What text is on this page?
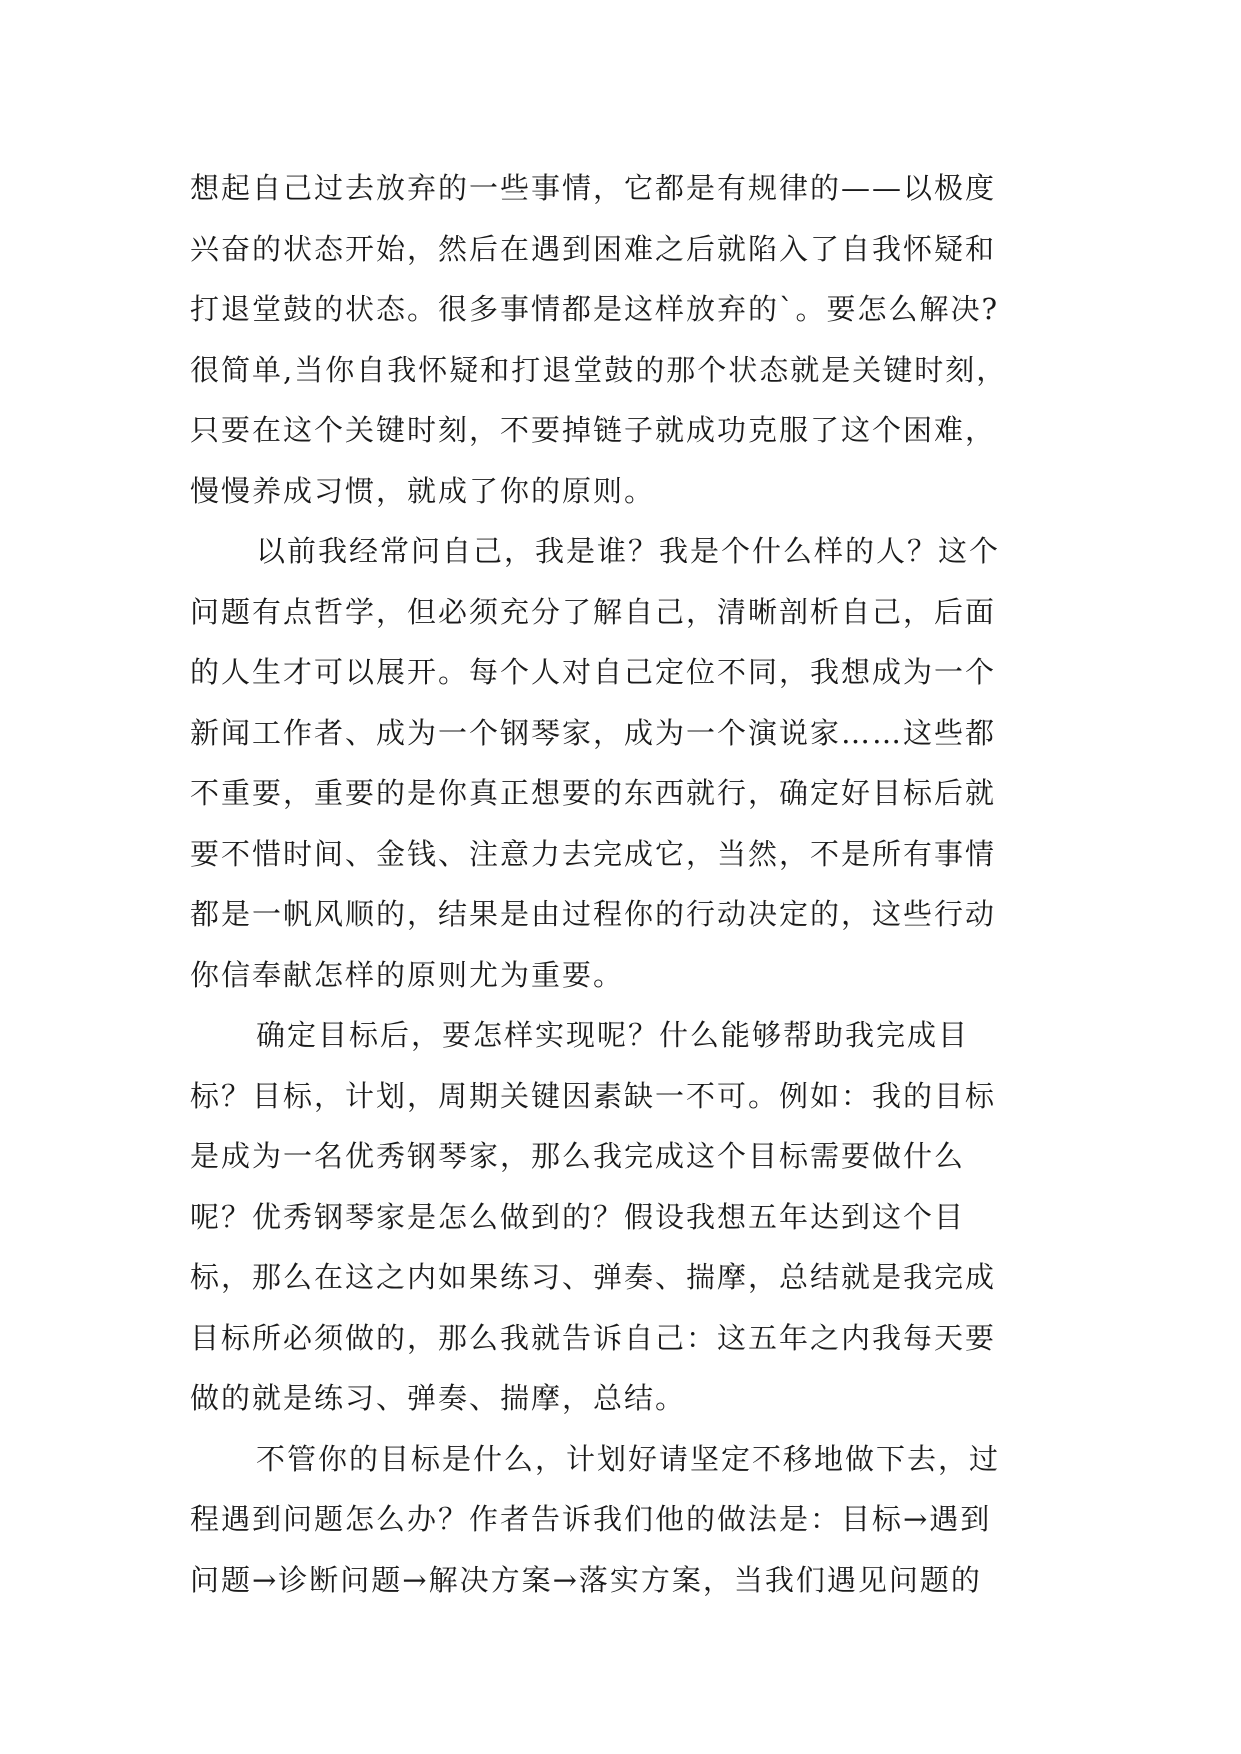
想起自己过去放弃的一些事情，它都是有规律的——以极度
兴奋的状态开始，然后在遇到困难之后就陷入了自我怀疑和
打退堂鼓的状态。很多事情都是这样放弃的`。要怎么解决?
很简单,当你自我怀疑和打退堂鼓的那个状态就是关键时刻，
只要在这个关键时刻，不要掉链子就成功克服了这个困难，
慢慢养成习惯，就成了你的原则。
以前我经常问自己，我是谁？我是个什么样的人？这个
问题有点哲学，但必须充分了解自己，清晰剖析自己，后面
的人生才可以展开。每个人对自己定位不同，我想成为一个
新闻工作者、成为一个钢琴家，成为一个演说家……这些都
不重要，重要的是你真正想要的东西就行，确定好目标后就
要不惜时间、金钱、注意力去完成它，当然，不是所有事情
都是一帆风顺的，结果是由过程你的行动决定的，这些行动
你信奉献怎样的原则尤为重要。
确定目标后，要怎样实现呢？什么能够帮助我完成目
标？目标，计划，周期关键因素缺一不可。例如：我的目标
是成为一名优秀钢琴家，那么我完成这个目标需要做什么
呢？优秀钢琴家是怎么做到的？假设我想五年达到这个目
标，那么在这之内如果练习、弹奏、揣摩，总结就是我完成
目标所必须做的，那么我就告诉自己：这五年之内我每天要
做的就是练习、弹奏、揣摩，总结。
不管你的目标是什么，计划好请坚定不移地做下去，过
程遇到问题怎么办？作者告诉我们他的做法是：目标→遇到
问题→诊断问题→解决方案→落实方案，当我们遇见问题的
